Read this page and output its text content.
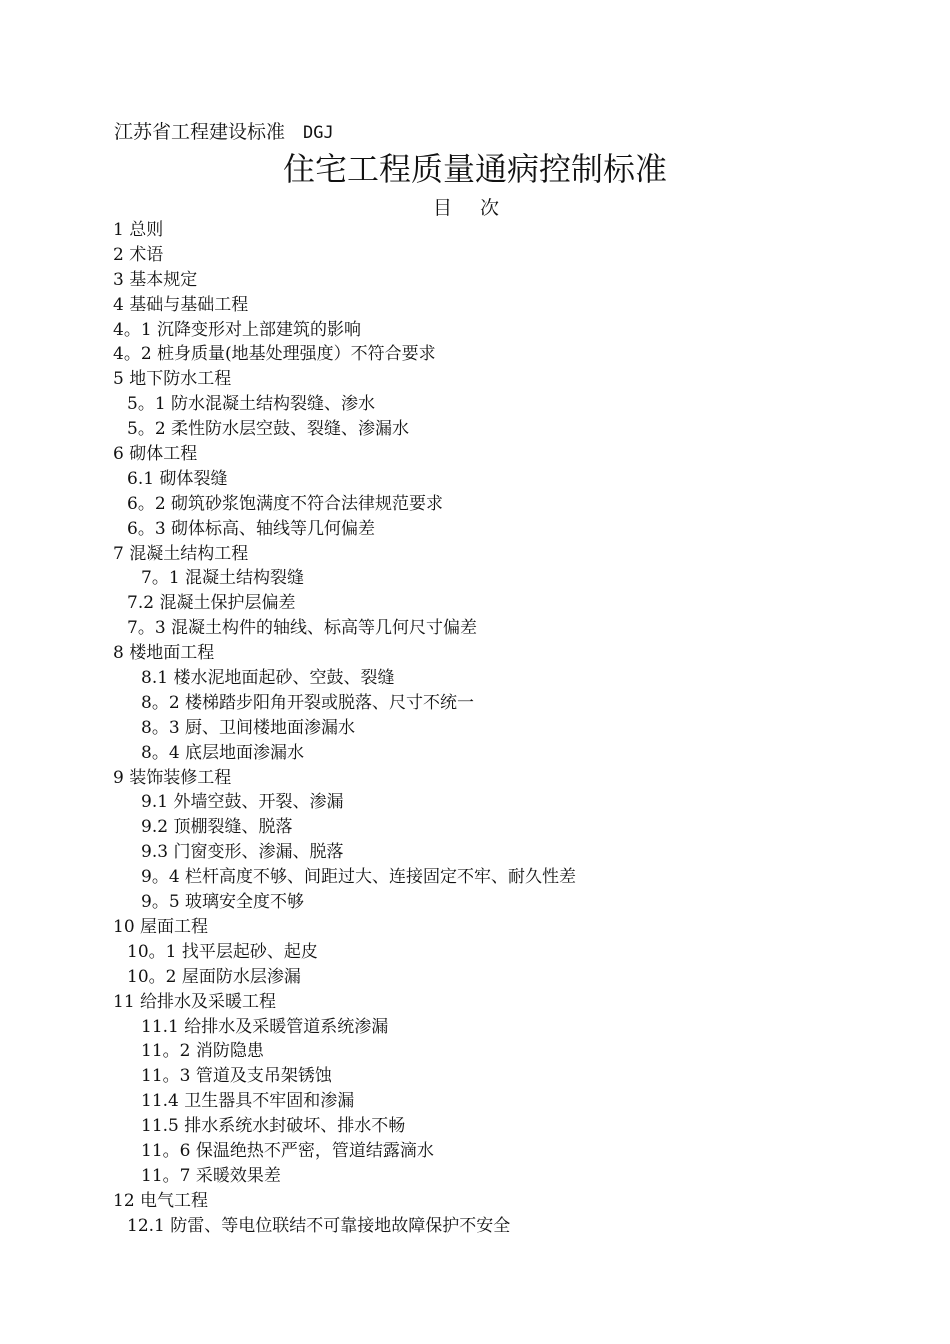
江苏省工程建设标准 DGJ
住宅工程质量通病控制标准
目次
1 总则
2 术语
3 基本规定
4 基础与基础工程
4。1 沉降变形对上部建筑的影响
4。2 桩身质量(地基处理强度）不符合要求
5 地下防水工程
5。1 防水混凝土结构裂缝、渗水
5。2 柔性防水层空鼓、裂缝、渗漏水
6 砌体工程
6.1 砌体裂缝
6。2 砌筑砂浆饱满度不符合法律规范要求
6。3 砌体标高、轴线等几何偏差
7 混凝土结构工程
7。1 混凝土结构裂缝
7.2 混凝土保护层偏差
7。3 混凝土构件的轴线、标高等几何尺寸偏差
8 楼地面工程
8.1 楼水泥地面起砂、空鼓、裂缝
8。2 楼梯踏步阳角开裂或脱落、尺寸不统一
8。3 厨、卫间楼地面渗漏水
8。4 底层地面渗漏水
9 装饰装修工程
9.1 外墙空鼓、开裂、渗漏
9.2 顶棚裂缝、脱落
9.3 门窗变形、渗漏、脱落
9。4 栏杆高度不够、间距过大、连接固定不牢、耐久性差
9。5 玻璃安全度不够
10 屋面工程
10。1 找平层起砂、起皮
10。2 屋面防水层渗漏
11 给排水及采暖工程
11.1 给排水及采暖管道系统渗漏
11。2 消防隐患
11。3 管道及支吊架锈蚀
11.4 卫生器具不牢固和渗漏
11.5 排水系统水封破坏、排水不畅
11。6 保温绝热不严密，管道结露滴水
11。7 采暖效果差
12 电气工程
12.1 防雷、等电位联结不可靠接地故障保护不安全
